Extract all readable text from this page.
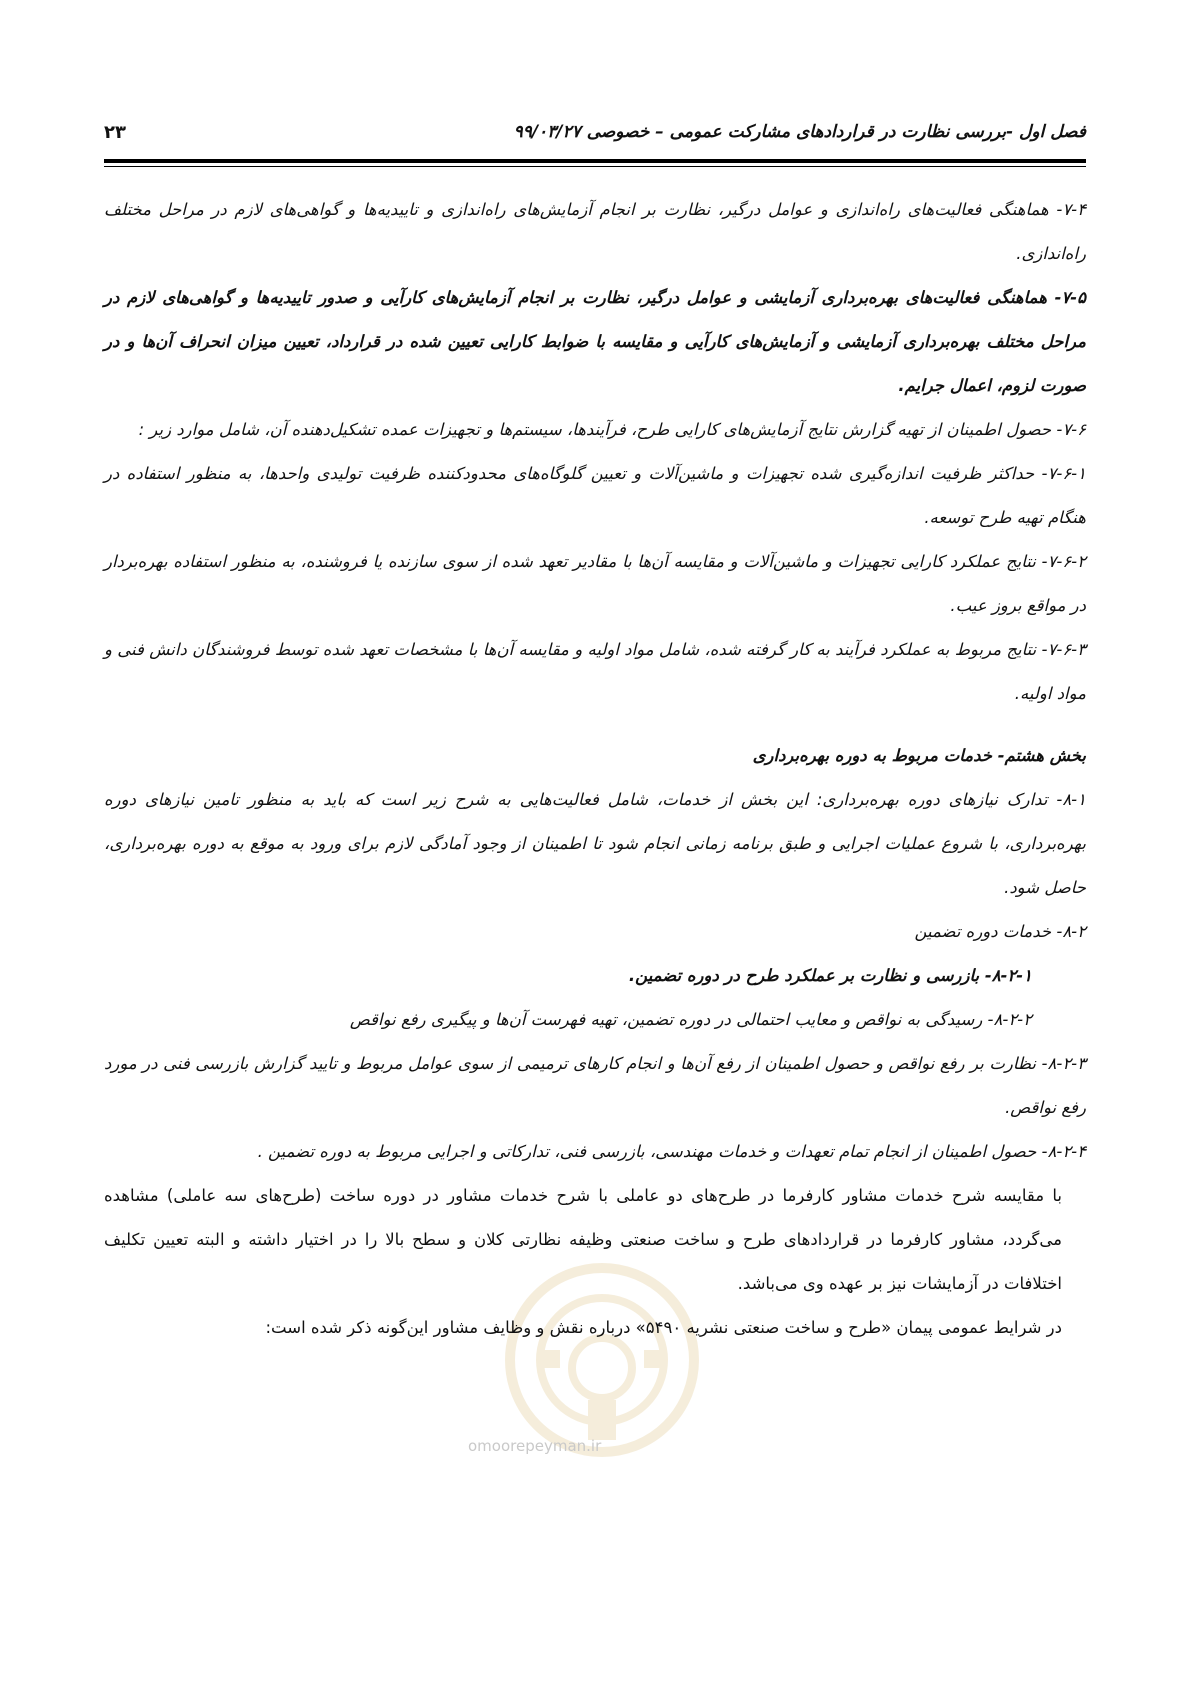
فصل اول -بررسی نظارت در قراردادهای مشارکت عمومی – خصوصی ۹۹/۰۳/۲۷
۲۳

۷-۴- هماهنگی فعالیت‌های راه‌اندازی و عوامل درگیر، نظارت بر انجام آزمایش‌های راه‌اندازی و تاییدیه‌ها و گواهی‌های لازم در مراحل مختلف راه‌اندازی.

۷-۵- هماهنگی فعالیت‌های بهره‌برداری آزمایشی و عوامل درگیر، نظارت بر انجام آزمایش‌های کارآیی و صدور تاییدیه‌ها و گواهی‌های لازم در مراحل مختلف بهره‌برداری آزمایشی و آزمایش‌های کارآیی و مقایسه با ضوابط کارایی تعیین شده در قرارداد، تعیین میزان انحراف آن‌ها و در صورت لزوم، اعمال جرایم.

۷-۶- حصول اطمینان از تهیه گزارش نتایج آزمایش‌های کارایی طرح، فرآیندها، سیستم‌ها و تجهیزات عمده تشکیل‌دهنده آن، شامل موارد زیر :

۷-۶-۱- حداکثر ظرفیت اندازه‌گیری شده تجهیزات و ماشین‌آلات و تعیین گلوگاه‌های محدودکننده ظرفیت تولیدی واحدها، به منظور استفاده در هنگام تهیه طرح توسعه.

۷-۶-۲- نتایج عملکرد کارایی تجهیزات و ماشین‌آلات و مقایسه آن‌ها با مقادیر تعهد شده از سوی سازنده یا فروشنده، به منظور استفاده بهره‌بردار در مواقع بروز عیب.

۷-۶-۳- نتایج مربوط به عملکرد فرآیند به کار گرفته شده، شامل مواد اولیه و مقایسه آن‌ها با مشخصات تعهد شده توسط فروشندگان دانش فنی و مواد اولیه.

بخش هشتم- خدمات مربوط به دوره بهره‌برداری

۸-۱- تدارک نیازهای دوره بهره‌برداری: این بخش از خدمات، شامل فعالیت‌هایی به شرح زیر است که باید به منظور تامین نیازهای دوره بهره‌برداری، با شروع عملیات اجرایی و طبق برنامه زمانی انجام شود تا اطمینان از وجود آمادگی لازم برای ورود به موقع به دوره بهره‌برداری، حاصل شود.

۸-۲- خدمات دوره تضمین

۸-۲-۱- بازرسی و نظارت بر عملکرد طرح در دوره تضمین.

۸-۲-۲- رسیدگی به نواقص و معایب احتمالی در دوره تضمین، تهیه فهرست آن‌ها و پیگیری رفع نواقص

۸-۲-۳- نظارت بر رفع نواقص و حصول اطمینان از رفع آن‌ها و انجام کارهای ترمیمی از سوی عوامل مربوط و تایید گزارش بازرسی فنی در مورد رفع نواقص.

۸-۲-۴- حصول اطمینان از انجام تمام تعهدات و خدمات مهندسی، بازرسی فنی، تدارکاتی و اجرایی مربوط به دوره تضمین .

با مقایسه شرح خدمات مشاور کارفرما در طرح‌های دو عاملی با شرح خدمات مشاور در دوره ساخت (طرح‌های سه عاملی) مشاهده می‌گردد، مشاور کارفرما در قراردادهای طرح و ساخت صنعتی وظیفه نظارتی کلان و سطح بالا را در اختیار داشته و البته تعیین تکلیف اختلافات در آزمایشات نیز بر عهده وی می‌باشد.

در شرایط عمومی پیمان «طرح و ساخت صنعتی نشریه ۵۴۹۰» درباره نقش و وظایف مشاور این‌گونه ذکر شده است:

omoorepeyman.ir
